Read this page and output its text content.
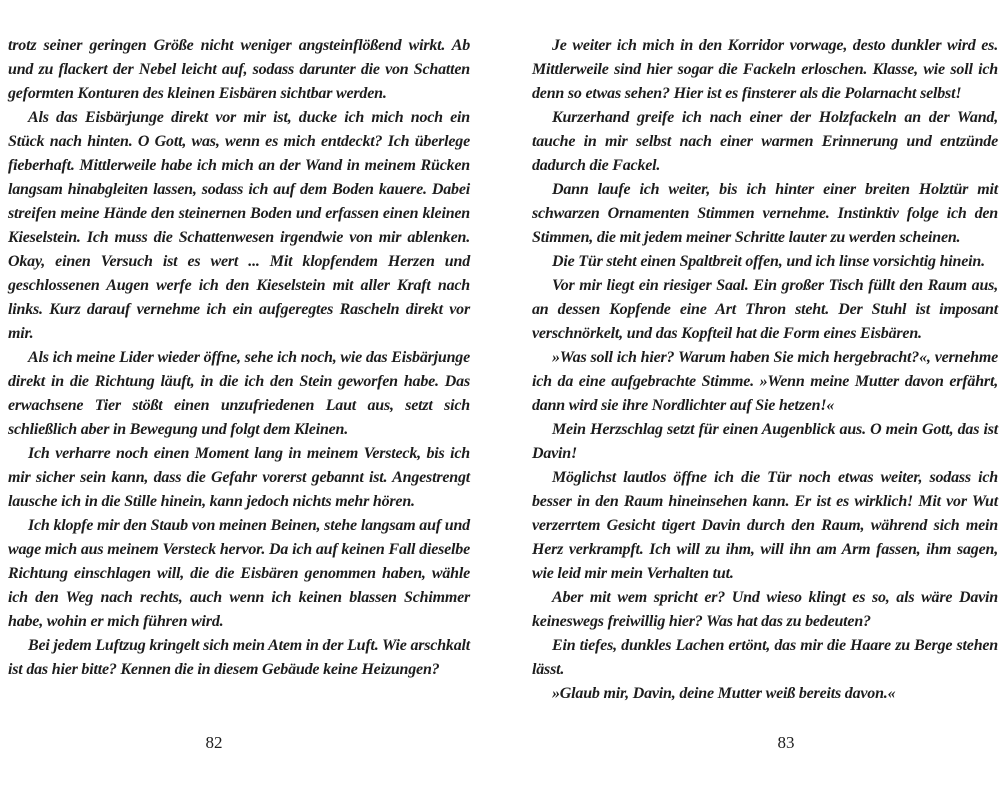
trotz seiner geringen Größe nicht weniger angsteinflößend wirkt. Ab und zu flackert der Nebel leicht auf, sodass darunter die von Schatten geformten Konturen des kleinen Eisbären sichtbar werden.
Als das Eisbärjunge direkt vor mir ist, ducke ich mich noch ein Stück nach hinten. O Gott, was, wenn es mich entdeckt? Ich überlege fieberhaft. Mittlerweile habe ich mich an der Wand in meinem Rücken langsam hinabgleiten lassen, sodass ich auf dem Boden kauere. Dabei streifen meine Hände den steinernen Boden und erfassen einen kleinen Kieselstein. Ich muss die Schattenwesen irgendwie von mir ablenken. Okay, einen Versuch ist es wert ... Mit klopfendem Herzen und geschlossenen Augen werfe ich den Kieselstein mit aller Kraft nach links. Kurz darauf vernehme ich ein aufgeregtes Rascheln direkt vor mir.
Als ich meine Lider wieder öffne, sehe ich noch, wie das Eisbärjunge direkt in die Richtung läuft, in die ich den Stein geworfen habe. Das erwachsene Tier stößt einen unzufriedenen Laut aus, setzt sich schließlich aber in Bewegung und folgt dem Kleinen.
Ich verharre noch einen Moment lang in meinem Versteck, bis ich mir sicher sein kann, dass die Gefahr vorerst gebannt ist. Angestrengt lausche ich in die Stille hinein, kann jedoch nichts mehr hören.
Ich klopfe mir den Staub von meinen Beinen, stehe langsam auf und wage mich aus meinem Versteck hervor. Da ich auf keinen Fall dieselbe Richtung einschlagen will, die die Eisbären genommen haben, wähle ich den Weg nach rechts, auch wenn ich keinen blassen Schimmer habe, wohin er mich führen wird.
Bei jedem Luftzug kringelt sich mein Atem in der Luft. Wie arschkalt ist das hier bitte? Kennen die in diesem Gebäude keine Heizungen?
82
Je weiter ich mich in den Korridor vorwage, desto dunkler wird es. Mittlerweile sind hier sogar die Fackeln erloschen. Klasse, wie soll ich denn so etwas sehen? Hier ist es finsterer als die Polarnacht selbst!
Kurzerhand greife ich nach einer der Holzfackeln an der Wand, tauche in mir selbst nach einer warmen Erinnerung und entzünde dadurch die Fackel.
Dann laufe ich weiter, bis ich hinter einer breiten Holztür mit schwarzen Ornamenten Stimmen vernehme. Instinktiv folge ich den Stimmen, die mit jedem meiner Schritte lauter zu werden scheinen.
Die Tür steht einen Spaltbreit offen, und ich linse vorsichtig hinein.
Vor mir liegt ein riesiger Saal. Ein großer Tisch füllt den Raum aus, an dessen Kopfende eine Art Thron steht. Der Stuhl ist imposant verschnörkelt, und das Kopfteil hat die Form eines Eisbären.
»Was soll ich hier? Warum haben Sie mich hergebracht?«, vernehme ich da eine aufgebrachte Stimme. »Wenn meine Mutter davon erfährt, dann wird sie ihre Nordlichter auf Sie hetzen!«
Mein Herzschlag setzt für einen Augenblick aus. O mein Gott, das ist Davin!
Möglichst lautlos öffne ich die Tür noch etwas weiter, sodass ich besser in den Raum hineinsehen kann. Er ist es wirklich! Mit vor Wut verzerrtem Gesicht tigert Davin durch den Raum, während sich mein Herz verkrampft. Ich will zu ihm, will ihn am Arm fassen, ihm sagen, wie leid mir mein Verhalten tut.
Aber mit wem spricht er? Und wieso klingt es so, als wäre Davin keineswegs freiwillig hier? Was hat das zu bedeuten?
Ein tiefes, dunkles Lachen ertönt, das mir die Haare zu Berge stehen lässt.
»Glaub mir, Davin, deine Mutter weiß bereits davon.«
83
